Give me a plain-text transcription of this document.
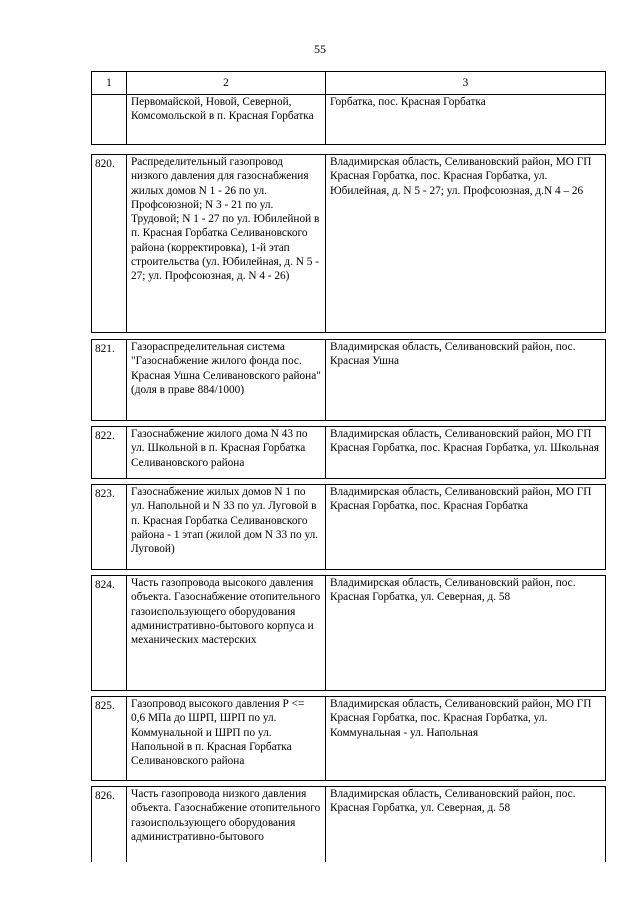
55
1	2	3
	Первомайской, Новой, Северной, Комсомольской в п. Красная Горбатка	Горбатка, пос. Красная Горбатка

820.	Распределительный газопровод низкого давления для газоснабжения жилых домов N 1 - 26 по ул. Профсоюзной; N 3 - 21 по ул. Трудовой; N 1 - 27 по ул. Юбилейной в п. Красная Горбатка Селивановского района (корректировка), 1-й этап строительства (ул. Юбилейная, д. N 5 - 27; ул. Профсоюзная, д. N 4 - 26)	Владимирская область, Селивановский район, МО ГП Красная Горбатка, пос. Красная Горбатка, ул. Юбилейная, д. N 5 - 27; ул. Профсоюзная, д.N 4 – 26

821.	Газораспределительная система "Газоснабжение жилого фонда пос. Красная Ушна Селивановского района" (доля в праве 884/1000)	Владимирская область, Селивановский район, пос. Красная Ушна

822.	Газоснабжение жилого дома N 43 по ул. Школьной в п. Красная Горбатка Селивановского района	Владимирская область, Селивановский район, МО ГП Красная Горбатка, пос. Красная Горбатка, ул. Школьная

823.	Газоснабжение жилых домов N 1 по ул. Напольной и N 33 по ул. Луговой в п. Красная Горбатка Селивановского района - 1 этап (жилой дом N 33 по ул. Луговой)	Владимирская область, Селивановский район, МО ГП Красная Горбатка, пос. Красная Горбатка

824.	Часть газопровода высокого давления объекта. Газоснабжение отопительного газоиспользующего оборудования административно-бытового корпуса и механических мастерских	Владимирская область, Селивановский район, пос. Красная Горбатка, ул. Северная, д. 58

825.	Газопровод высокого давления Р <= 0,6 МПа до ШРП, ШРП по ул. Коммунальной и ШРП по ул. Напольной в п. Красная Горбатка Селивановского района	Владимирская область, Селивановский район, МО ГП Красная Горбатка, пос. Красная Горбатка, ул. Коммунальная - ул. Напольная

826.	Часть газопровода низкого давления объекта. Газоснабжение отопительного газоиспользующего оборудования административно-бытового	Владимирская область, Селивановский район, пос. Красная Горбатка, ул. Северная, д. 58
